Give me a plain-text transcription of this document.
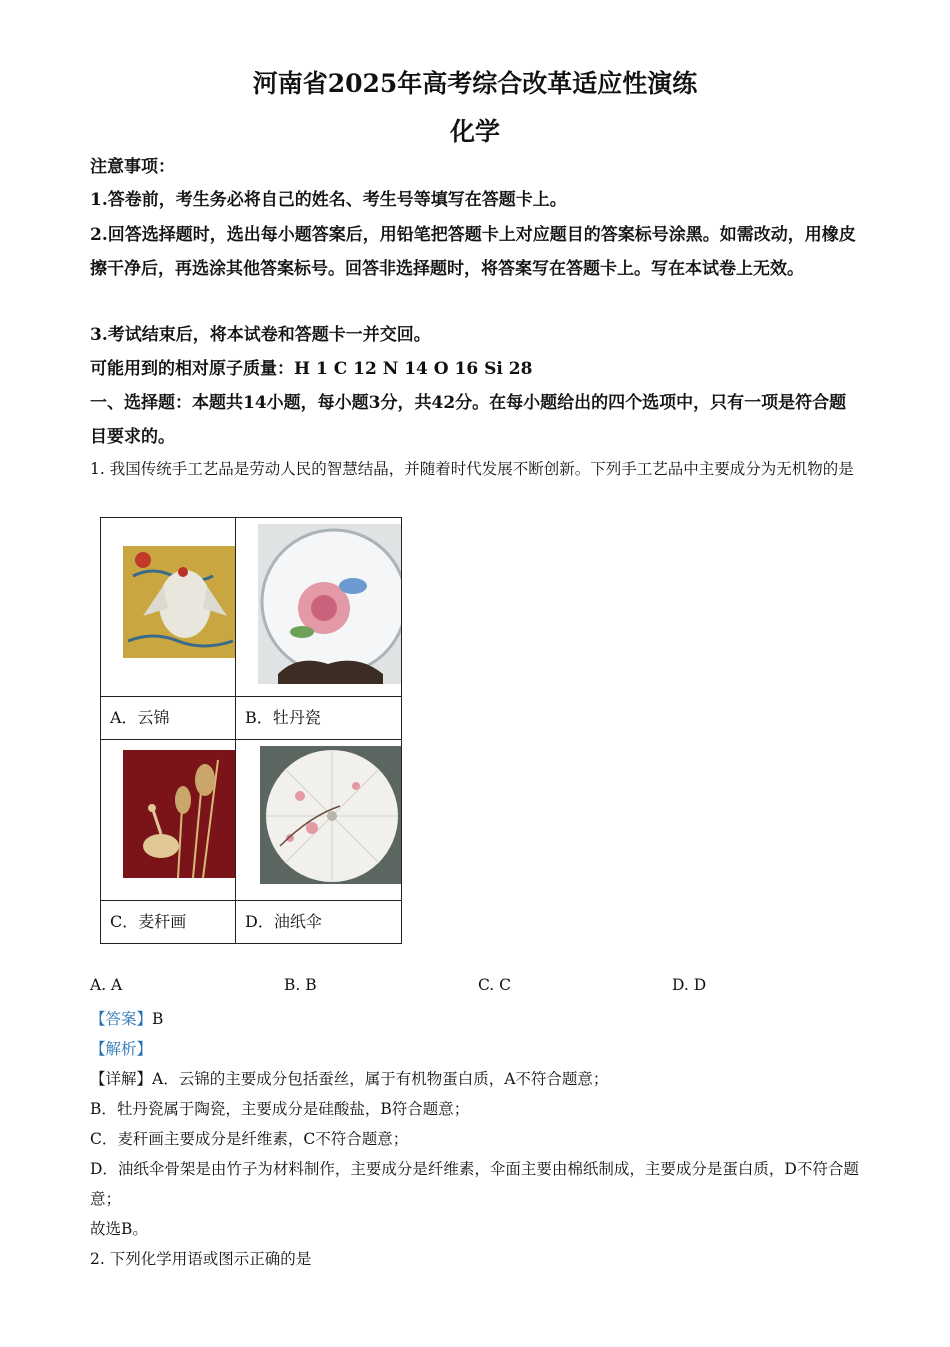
河南省2025年高考综合改革适应性演练
化学
注意事项：
1.答卷前，考生务必将自己的姓名、考生号等填写在答题卡上。
2.回答选择题时，选出每小题答案后，用铅笔把答题卡上对应题目的答案标号涂黑。如需改动，用橡皮擦干净后，再选涂其他答案标号。回答非选择题时，将答案写在答题卡上。写在本试卷上无效。
3.考试结束后，将本试卷和答题卡一并交回。
可能用到的相对原子质量：H 1 C 12 N 14 O 16 Si 28
一、选择题：本题共14小题，每小题3分，共42分。在每小题给出的四个选项中，只有一项是符合题目要求的。
1. 我国传统手工艺品是劳动人民的智慧结晶，并随着时代发展不断创新。下列手工艺品中主要成分为无机物的是

A．云锦	B．牡丹瓷

C．麦秆画	D．油纸伞
A. A	B. B	C. C	D. D
【答案】B
【解析】
【详解】A．云锦的主要成分包括蚕丝，属于有机物蛋白质，A不符合题意；
B．牡丹瓷属于陶瓷，主要成分是硅酸盐，B符合题意；
C．麦秆画主要成分是纤维素，C不符合题意；
D．油纸伞骨架是由竹子为材料制作，主要成分是纤维素，伞面主要由棉纸制成，主要成分是蛋白质，D不符合题意；
故选B。
2. 下列化学用语或图示正确的是
